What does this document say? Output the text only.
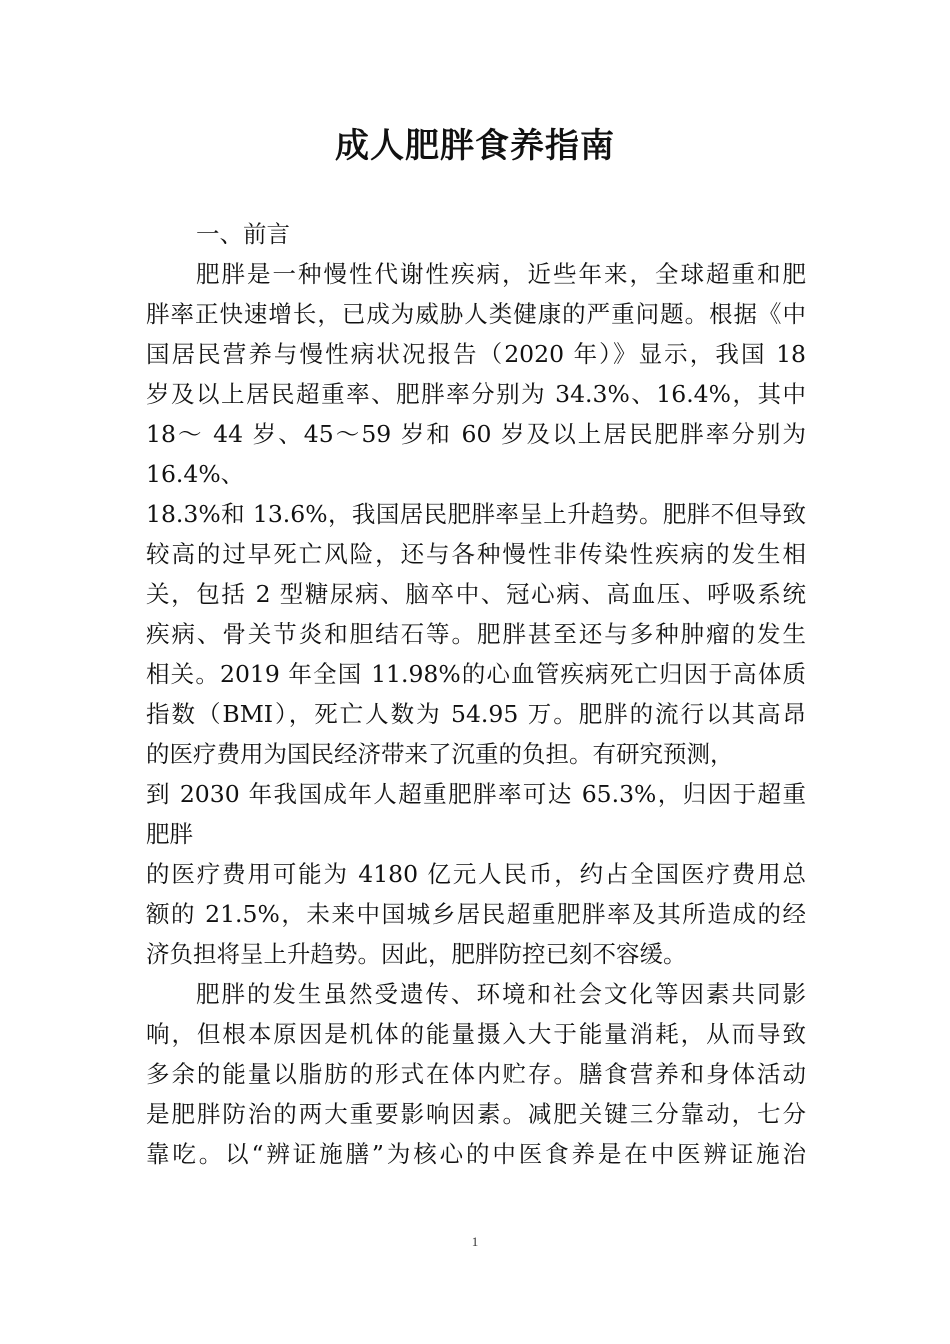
成人肥胖食养指南
一、前言
肥胖是一种慢性代谢性疾病，近些年来，全球超重和肥
胖率正快速增长，已成为威胁人类健康的严重问题。根据《中
国居民营养与慢性病状况报告（2020 年）》显示，我国 18
岁及以上居民超重率、肥胖率分别为 34.3%、16.4%，其中
18～ 44 岁、45～59 岁和 60 岁及以上居民肥胖率分别为
16.4%、
18.3%和 13.6%，我国居民肥胖率呈上升趋势。肥胖不但导致
较高的过早死亡风险，还与各种慢性非传染性疾病的发生相
关，包括 2 型糖尿病、脑卒中、冠心病、高血压、呼吸系统
疾病、骨关节炎和胆结石等。肥胖甚至还与多种肿瘤的发生
相关。2019 年全国 11.98%的心血管疾病死亡归因于高体质
指数（BMI），死亡人数为 54.95 万。肥胖的流行以其高昂
的医疗费用为国民经济带来了沉重的负担。有研究预测，
到 2030 年我国成年人超重肥胖率可达 65.3%，归因于超重
肥胖
的医疗费用可能为 4180 亿元人民币，约占全国医疗费用总
额的 21.5%，未来中国城乡居民超重肥胖率及其所造成的经
济负担将呈上升趋势。因此，肥胖防控已刻不容缓。
肥胖的发生虽然受遗传、环境和社会文化等因素共同影
响，但根本原因是机体的能量摄入大于能量消耗，从而导致
多余的能量以脂肪的形式在体内贮存。膳食营养和身体活动
是肥胖防治的两大重要影响因素。减肥关键三分靠动，七分
靠吃。以“辨证施膳”为核心的中医食养是在中医辨证施治
1
